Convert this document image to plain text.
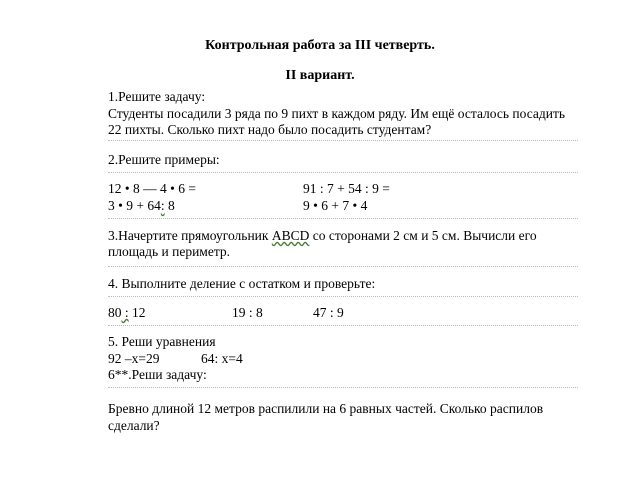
Контрольная работа за III четверть.
II вариант.
1.Решите задачу:
Студенты посадили 3 ряда по 9 пихт в каждом ряду. Им ещё осталось посадить
22 пихты. Сколько пихт надо было посадить студентам?
2.Решите примеры:
12 • 8 — 4 • 6 =	91 : 7 + 54 : 9 =
3 • 9 + 64: 8	9 • 6 + 7 • 4
3.Начертите прямоугольник ABCD со сторонами 2 см и 5 см. Вычисли его
площадь и периметр.
4. Выполните деление с остатком и проверьте:
80 : 12	19 : 8	47 : 9
5. Реши уравнения
92 –x=29	64: x=4
6**.Реши задачу:
Бревно длиной 12 метров распилили на 6 равных частей. Сколько распилов
сделали?
